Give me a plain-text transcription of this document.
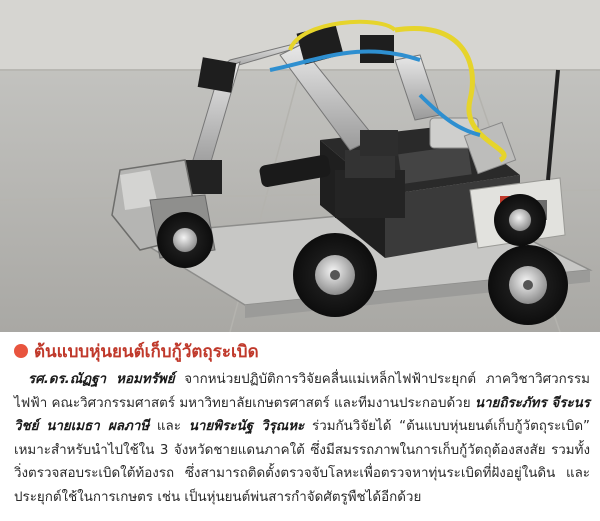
ต้นแบบหุ่นยนต์เก็บกู้วัตถุระเบิด
รศ.ดร.ณัฏฐา หอมทรัพย์ จากหน่วยปฏิบัติการวิจัยคลื่นแม่เหล็กไฟฟ้าประยุกต์ ภาควิชาวิศวกรรมไฟฟ้า คณะวิศวกรรมศาสตร์ มหาวิทยาลัยเกษตรศาสตร์ และทีมงานประกอบด้วย นายถิระภัทร จีระนรวิชย์ นายเมธา ผลภาษี และ นายพิระนัฐ วิรุณหะ ร่วมกันวิจัยได้ “ต้นแบบหุ่นยนต์เก็บกู้วัตถุระเบิด” เหมาะสำหรับนำไปใช้ใน 3 จังหวัดชายแดนภาคใต้ ซึ่งมีสมรรถภาพในการเก็บกู้วัตถุต้องสงสัย รวมทั้งวิ่งตรวจสอบระเบิดใต้ท้องรถ ซึ่งสามารถติดตั้งตรวจจับโลหะเพื่อตรวจหาทุ่นระเบิดที่ฝังอยู่ในดิน และประยุกต์ใช้ในการเกษตร เช่น เป็นหุ่นยนต์พ่นสารกำจัดศัตรูพืชได้อีกด้วย
